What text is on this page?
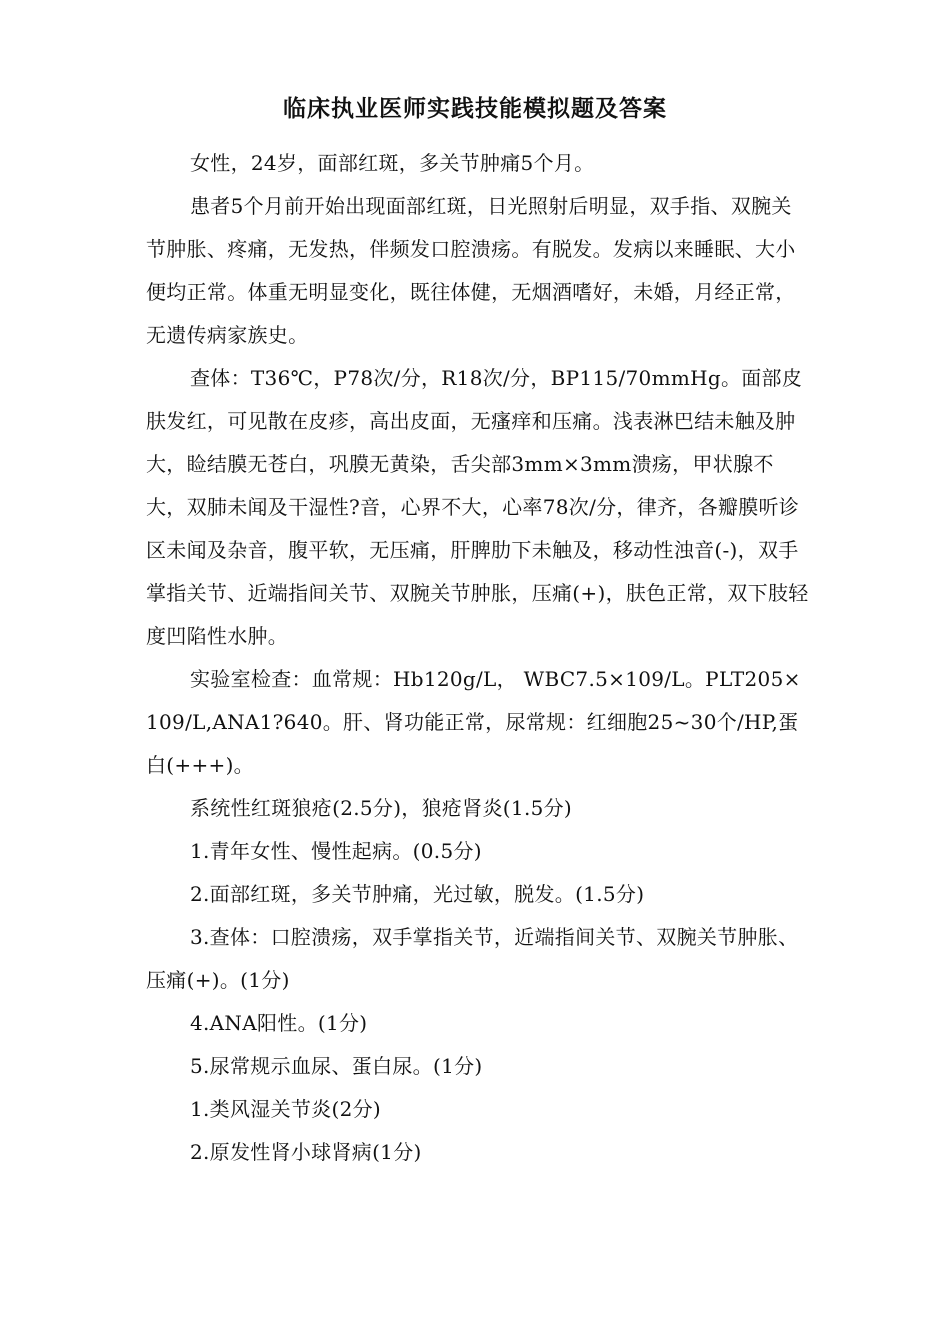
临床执业医师实践技能模拟题及答案

女性，24岁，面部红斑，多关节肿痛5个月。

患者5个月前开始出现面部红斑，日光照射后明显，双手指、双腕关节肿胀、疼痛，无发热，伴频发口腔溃疡。有脱发。发病以来睡眠、大小便均正常。体重无明显变化，既往体健，无烟酒嗜好，未婚，月经正常，无遗传病家族史。

查体：T36℃，P78次/分，R18次/分，BP115/70mmHg。面部皮肤发红，可见散在皮疹，高出皮面，无瘙痒和压痛。浅表淋巴结未触及肿大，睑结膜无苍白，巩膜无黄染，舌尖部3mm×3mm溃疡，甲状腺不大，双肺未闻及干湿性?音，心界不大，心率78次/分，律齐，各瓣膜听诊区未闻及杂音，腹平软，无压痛，肝脾肋下未触及，移动性浊音(-)，双手掌指关节、近端指间关节、双腕关节肿胀，压痛(+)，肤色正常，双下肢轻度凹陷性水肿。

实验室检查：血常规：Hb120g/L， WBC7.5×109/L。PLT205×109/L,ANA1?640。肝、肾功能正常，尿常规：红细胞25~30个/HP,蛋白(+++)。

系统性红斑狼疮(2.5分)，狼疮肾炎(1.5分)

1.青年女性、慢性起病。(0.5分)

2.面部红斑，多关节肿痛，光过敏，脱发。(1.5分)

3.查体：口腔溃疡，双手掌指关节，近端指间关节、双腕关节肿胀、压痛(+)。(1分)

4.ANA阳性。(1分)

5.尿常规示血尿、蛋白尿。(1分)

1.类风湿关节炎(2分)

2.原发性肾小球肾病(1分)
